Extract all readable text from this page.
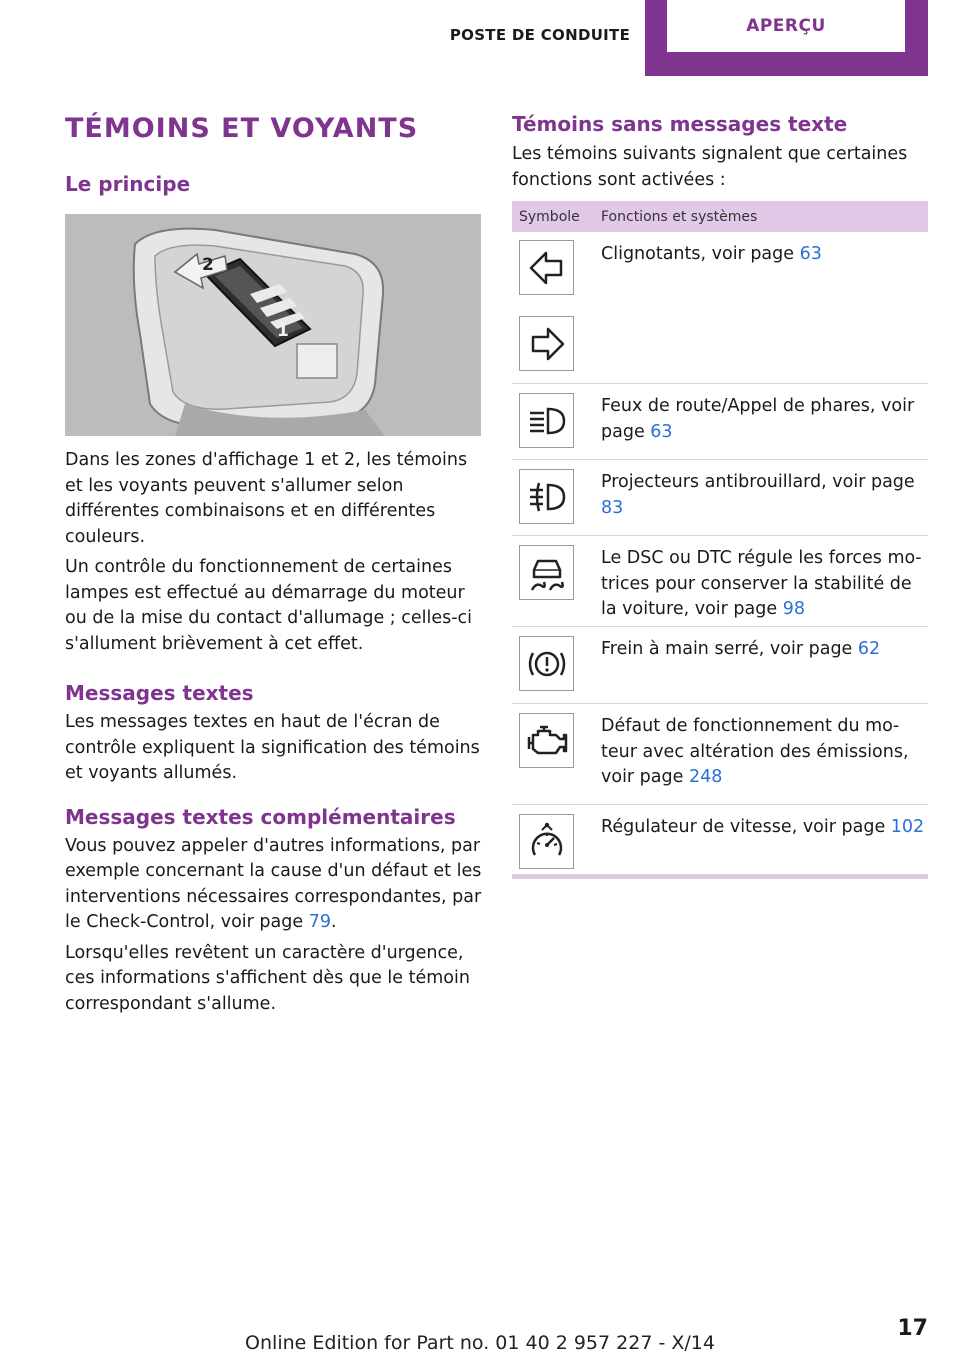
POSTE DE CONDUITE	APERÇU
TÉMOINS ET VOYANTS
Le principe
2
1

Dans les zones d'affichage 1 et 2, les témoins et les voyants peuvent s'allumer selon différentes combinaisons et en différentes couleurs.

Un contrôle du fonctionnement de certaines lampes est effectué au démarrage du moteur ou de la mise du contact d'allumage ; celles-ci s'allument brièvement à cet effet.

Messages textes

Les messages textes en haut de l'écran de contrôle expliquent la signification des témoins et voyants allumés.

Messages textes complémentaires

Vous pouvez appeler d'autres informations, par exemple concernant la cause d'un défaut et les interventions nécessaires correspondantes, par le Check-Control, voir page 79.

Lorsqu'elles revêtent un caractère d'urgence, ces informations s'affichent dès que le témoin correspondant s'allume.

Témoins sans messages texte

Les témoins suivants signalent que certaines fonctions sont activées :

Symbole	Fonctions et systèmes
Clignotants, voir page 63
Feux de route/Appel de phares, voir page 63
Projecteurs antibrouillard, voir page 83
Le DSC ou DTC régule les forces motrices pour conserver la stabilité de la voiture, voir page 98
Frein à main serré, voir page 62
Défaut de fonctionnement du moteur avec altération des émissions, voir page 248
Régulateur de vitesse, voir page 102
17
Online Edition for Part no. 01 40 2 957 227 - X/14
